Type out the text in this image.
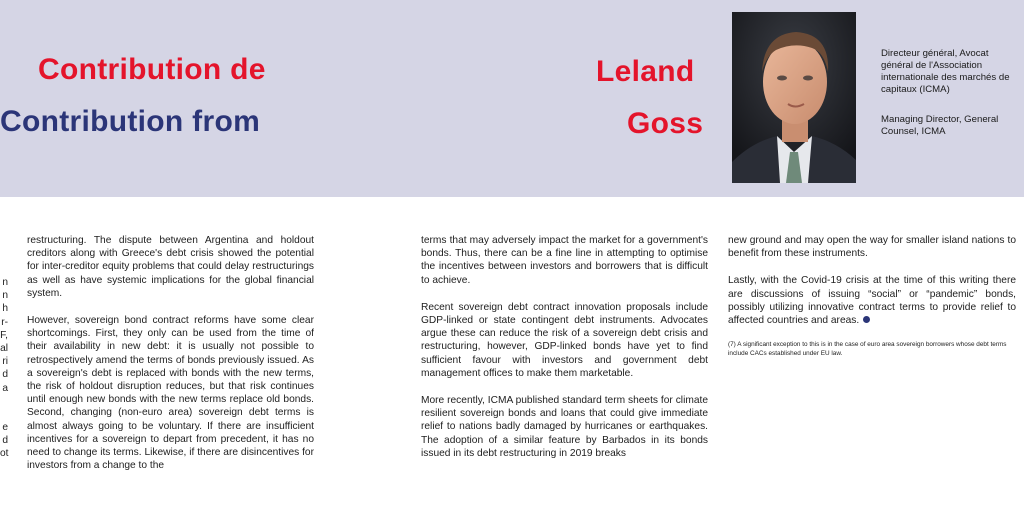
Contribution de
Contribution from
Leland
Goss
Directeur général, Avocat général de l'Association internationale des marchés de capitaux (ICMA)
Managing Director, General Counsel, ICMA
n
n
h
r-
F,
al
ri
d
a
e
d
ot

restructuring. The dispute between Argentina and holdout creditors along with Greece's debt crisis showed the potential for inter-creditor equity problems that could delay restructurings as well as have systemic implications for the global financial system.

However, sovereign bond contract reforms have some clear shortcomings. First, they only can be used from the time of their availability in new debt: it is usually not possible to retrospectively amend the terms of bonds previously issued. As a sovereign's debt is replaced with bonds with the new terms, the risk of holdout disruption reduces, but that risk continues until enough new bonds with the new terms replace old bonds. Second, changing (non-euro area) sovereign debt terms is almost always going to be voluntary. If there are insufficient incentives for a sovereign to depart from precedent, it has no need to change its terms. Likewise, if there are disincentives for investors from a change to the

terms that may adversely impact the market for a government's bonds. Thus, there can be a fine line in attempting to optimise the incentives between investors and borrowers that is difficult to achieve.

Recent sovereign debt contract innovation proposals include GDP-linked or state contingent debt instruments. Advocates argue these can reduce the risk of a sovereign debt crisis and restructuring, however, GDP-linked bonds have yet to find sufficient favour with investors and government debt management offices to make them marketable.

More recently, ICMA published standard term sheets for climate resilient sovereign bonds and loans that could give immediate relief to nations badly damaged by hurricanes or earthquakes. The adoption of a similar feature by Barbados in its bonds issued in its debt restructuring in 2019 breaks

new ground and may open the way for smaller island nations to benefit from these instruments.

Lastly, with the Covid-19 crisis at the time of this writing there are discussions of issuing “social” or “pandemic” bonds, possibly utilizing innovative contract terms to provide relief to affected countries and areas.

(7) A significant exception to this is in the case of euro area sovereign borrowers whose debt terms include CACs established under EU law.
